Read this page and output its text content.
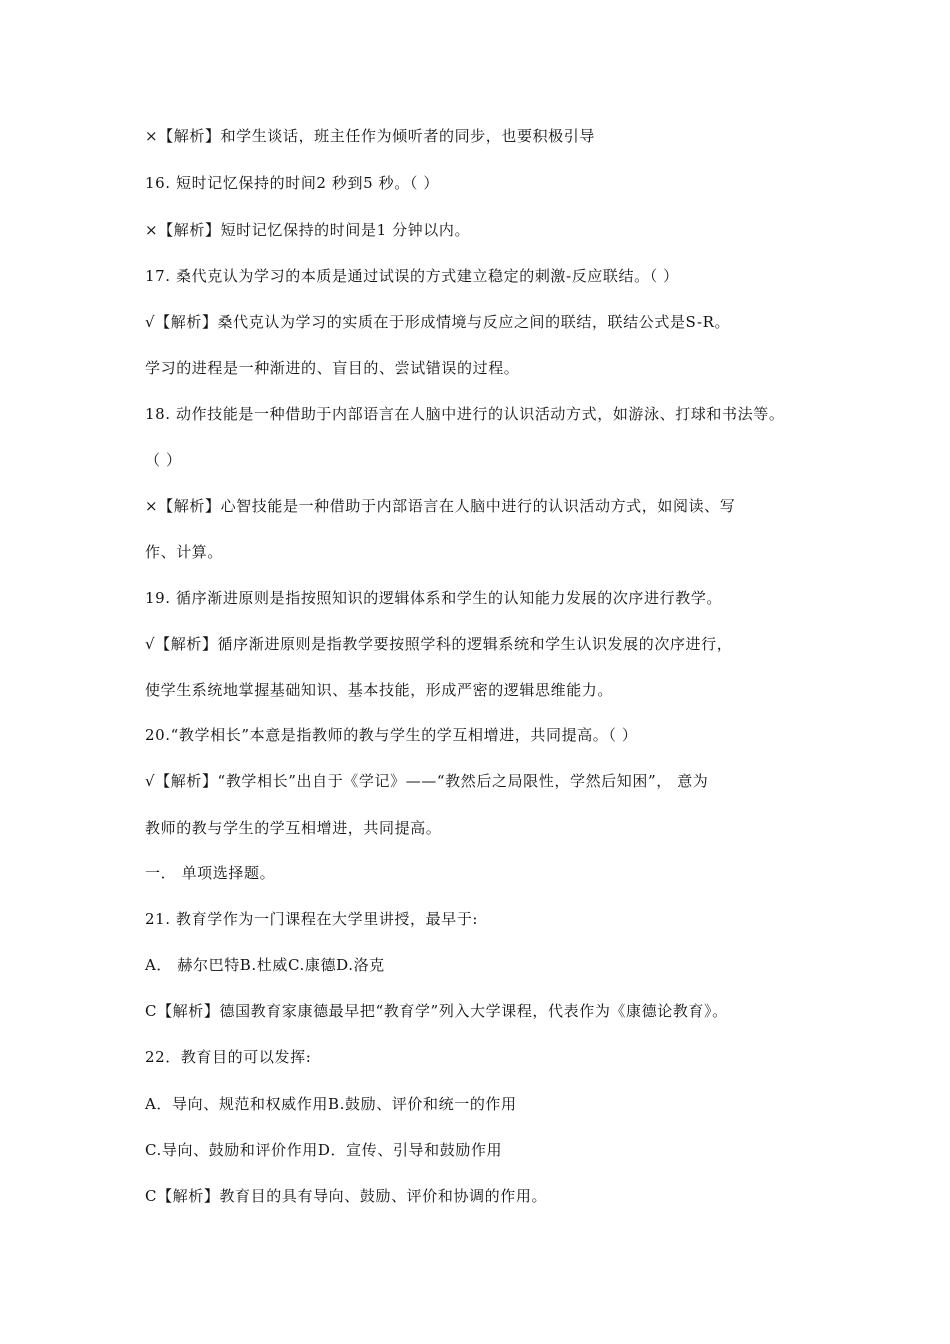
×【解析】和学生谈话，班主任作为倾听者的同步，也要积极引导
16. 短时记忆保持的时间2 秒到5 秒。（ ）
×【解析】短时记忆保持的时间是1 分钟以内。
17. 桑代克认为学习的本质是通过试误的方式建立稳定的刺激-反应联结。（ ）
√【解析】桑代克认为学习的实质在于形成情境与反应之间的联结，联结公式是S-R。
学习的进程是一种渐进的、盲目的、尝试错误的过程。
18. 动作技能是一种借助于内部语言在人脑中进行的认识活动方式，如游泳、打球和书法等。
（ ）
×【解析】心智技能是一种借助于内部语言在人脑中进行的认识活动方式，如阅读、写
作、计算。
19. 循序渐进原则是指按照知识的逻辑体系和学生的认知能力发展的次序进行教学。
√【解析】循序渐进原则是指教学要按照学科的逻辑系统和学生认识发展的次序进行，
使学生系统地掌握基础知识、基本技能，形成严密的逻辑思维能力。
20.“教学相长”本意是指教师的教与学生的学互相增进，共同提高。（ ）
√【解析】“教学相长”出自于《学记》——“教然后之局限性，学然后知困”， 意为
教师的教与学生的学互相增进，共同提高。
一． 单项选择题。
21. 教育学作为一门课程在大学里讲授，最早于:
A． 赫尔巴特B.杜威C.康德D.洛克
C【解析】德国教育家康德最早把“教育学”列入大学课程，代表作为《康德论教育》。
22．教育目的可以发挥:
A．导向、规范和权威作用B.鼓励、评价和统一的作用
C.导向、鼓励和评价作用D．宣传、引导和鼓励作用
C【解析】教育目的具有导向、鼓励、评价和协调的作用。
